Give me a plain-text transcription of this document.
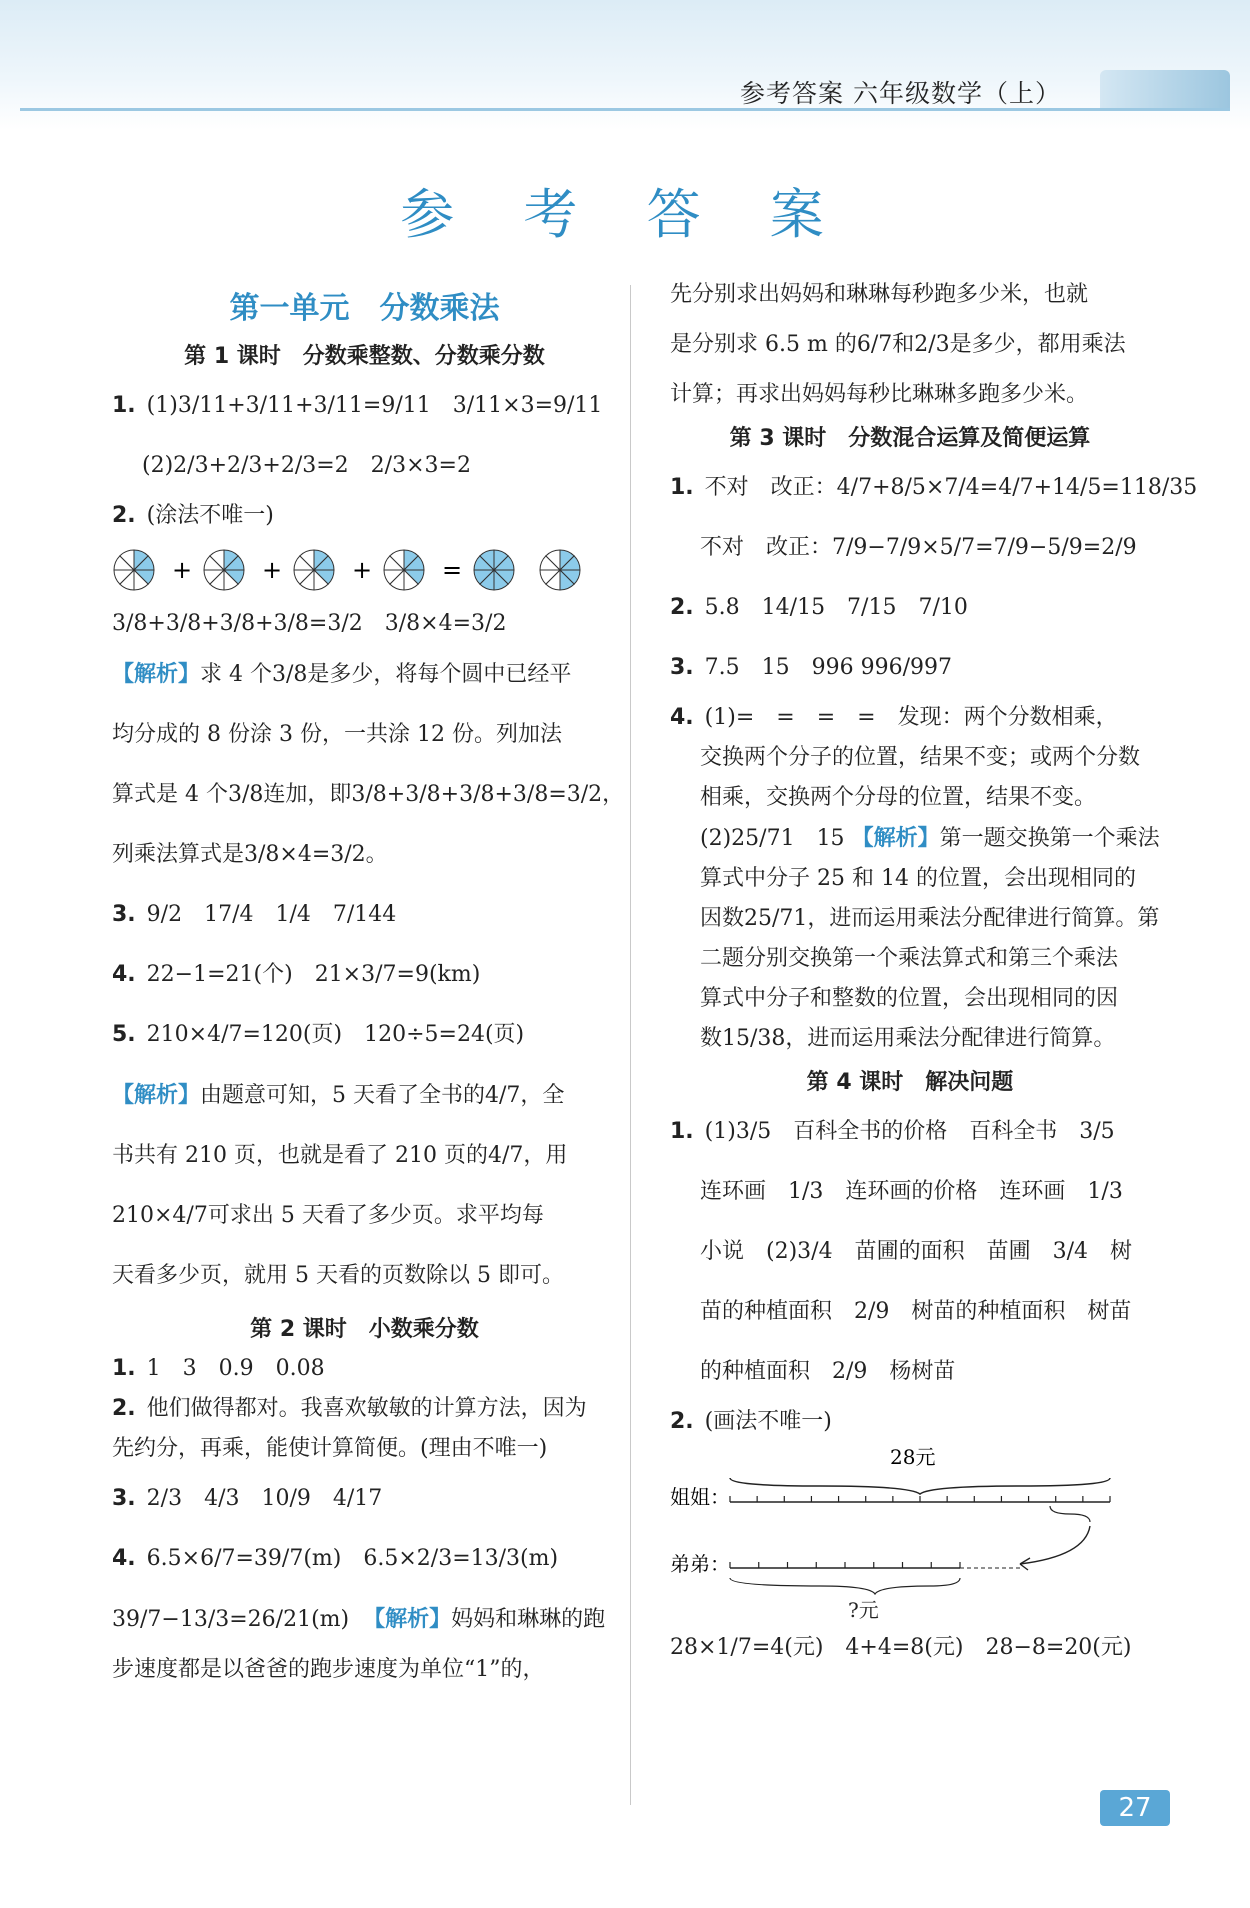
参考答案 六年级数学（上）
参 考 答 案
第一单元　分数乘法
第 1 课时　分数乘整数、分数乘分数
1. (1)3/11+3/11+3/11=9/11　3/11×3=9/11
(2)2/3+2/3+2/3=2　2/3×3=2
2. (涂法不唯一)
+	+	+	=
3/8+3/8+3/8+3/8=3/2　3/8×4=3/2
【解析】求 4 个3/8是多少，将每个圆中已经平
均分成的 8 份涂 3 份，一共涂 12 份。列加法
算式是 4 个3/8连加，即3/8+3/8+3/8+3/8=3/2，
列乘法算式是3/8×4=3/2。
3. 9/2　17/4　1/4　7/144
4. 22−1=21(个)　21×3/7=9(km)
5. 210×4/7=120(页)　120÷5=24(页)
【解析】由题意可知，5 天看了全书的4/7，全
书共有 210 页，也就是看了 210 页的4/7，用
210×4/7可求出 5 天看了多少页。求平均每
天看多少页，就用 5 天看的页数除以 5 即可。
第 2 课时　小数乘分数
1. 1　3　0.9　0.08
2. 他们做得都对。我喜欢敏敏的计算方法，因为
先约分，再乘，能使计算简便。(理由不唯一)
3. 2/3　4/3　10/9　4/17
4. 6.5×6/7=39/7(m)　6.5×2/3=13/3(m)
39/7−13/3=26/21(m) 【解析】妈妈和琳琳的跑
步速度都是以爸爸的跑步速度为单位“1”的，
先分别求出妈妈和琳琳每秒跑多少米，也就
是分别求 6.5 m 的6/7和2/3是多少，都用乘法
计算；再求出妈妈每秒比琳琳多跑多少米。
第 3 课时　分数混合运算及简便运算
1. 不对　改正：4/7+8/5×7/4=4/7+14/5=118/35
不对　改正：7/9−7/9×5/7=7/9−5/9=2/9
2. 5.8　14/15　7/15　7/10
3. 7.5　15　996 996/997
4. (1)=　=　=　=　发现：两个分数相乘，
交换两个分子的位置，结果不变；或两个分数
相乘，交换两个分母的位置，结果不变。
(2)25/71　15 【解析】第一题交换第一个乘法
算式中分子 25 和 14 的位置，会出现相同的
因数25/71，进而运用乘法分配律进行简算。第
二题分别交换第一个乘法算式和第三个乘法
算式中分子和整数的位置，会出现相同的因
数15/38，进而运用乘法分配律进行简算。
第 4 课时　解决问题
1. (1)3/5　百科全书的价格　百科全书　3/5
连环画　1/3　连环画的价格　连环画　1/3
小说　(2)3/4　苗圃的面积　苗圃　3/4　树
苗的种植面积　2/9　树苗的种植面积　树苗
的种植面积　2/9　杨树苗
2. (画法不唯一)
28元
姐姐：
弟弟：
?元
28×1/7=4(元)　4+4=8(元)　28−8=20(元)
27
